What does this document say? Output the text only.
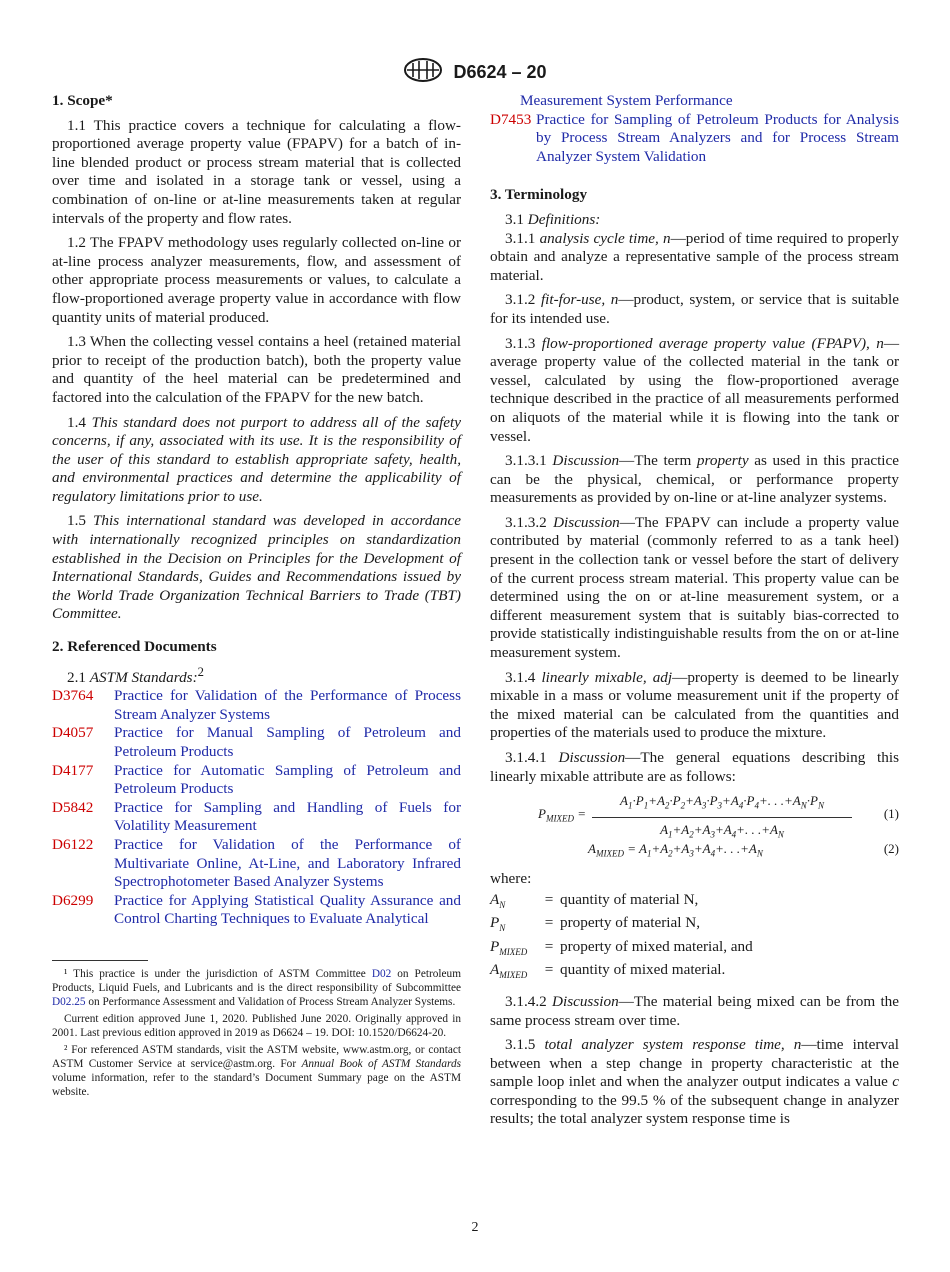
D6624 – 20
1. Scope*

1.1 This practice covers a technique for calculating a flow-proportioned average property value (FPAPV) for a batch of in-line blended product or process stream material that is collected over time and isolated in a storage tank or vessel, using a combination of on-line or at-line measurements taken at regular intervals of the property and flow rates.

1.2 The FPAPV methodology uses regularly collected on-line or at-line process analyzer measurements, flow, and assessment of other appropriate process measurements or values, to calculate a flow-proportioned average property value in accordance with flow quantity units of material produced.

1.3 When the collecting vessel contains a heel (retained material prior to receipt of the production batch), both the property value and quantity of the heel material can be predetermined and factored into the calculation of the FPAPV for the new batch.

1.4 This standard does not purport to address all of the safety concerns, if any, associated with its use. It is the responsibility of the user of this standard to establish appropriate safety, health, and environmental practices and determine the applicability of regulatory limitations prior to use.

1.5 This international standard was developed in accordance with internationally recognized principles on standardization established in the Decision on Principles for the Development of International Standards, Guides and Recommendations issued by the World Trade Organization Technical Barriers to Trade (TBT) Committee.

2. Referenced Documents

2.1 ASTM Standards:$^2$

D3764 Practice for Validation of the Performance of Process Stream Analyzer Systems
D4057 Practice for Manual Sampling of Petroleum and Petroleum Products
D4177 Practice for Automatic Sampling of Petroleum and Petroleum Products
D5842 Practice for Sampling and Handling of Fuels for Volatility Measurement
D6122 Practice for Validation of the Performance of Multivariate Online, At-Line, and Laboratory Infrared Spectrophotometer Based Analyzer Systems
D6299 Practice for Applying Statistical Quality Assurance and Control Charting Techniques to Evaluate Analytical

¹ This practice is under the jurisdiction of ASTM Committee D02 on Petroleum Products, Liquid Fuels, and Lubricants and is the direct responsibility of Subcommittee D02.25 on Performance Assessment and Validation of Process Stream Analyzer Systems.

Current edition approved June 1, 2020. Published June 2020. Originally approved in 2001. Last previous edition approved in 2019 as D6624 – 19. DOI: 10.1520/D6624-20.

² For referenced ASTM standards, visit the ASTM website, www.astm.org, or contact ASTM Customer Service at service@astm.org. For Annual Book of ASTM Standards volume information, refer to the standard’s Document Summary page on the ASTM website.

Measurement System Performance
D7453 Practice for Sampling of Petroleum Products for Analysis by Process Stream Analyzers and for Process Stream Analyzer System Validation
3. Terminology

3.1 Definitions:

3.1.1 analysis cycle time, n—period of time required to properly obtain and analyze a representative sample of the process stream material.

3.1.2 fit-for-use, n—product, system, or service that is suitable for its intended use.

3.1.3 flow-proportioned average property value (FPAPV), n—average property value of the collected material in the tank or vessel, calculated by using the flow-proportioned average technique described in the practice of all measurements performed on aliquots of the material while it is flowing into the tank or vessel.

3.1.3.1 Discussion—The term property as used in this practice can be the physical, chemical, or performance property measurements as provided by on-line or at-line analyzer systems.

3.1.3.2 Discussion—The FPAPV can include a property value contributed by material (commonly referred to as a tank heel) present in the collection tank or vessel before the start of delivery of the current process stream material. This property value can be determined using the on or at-line measurement system, or a different measurement system that is suitably bias-corrected to provide statistically indistinguishable results from the on or at-line measurement system.

3.1.4 linearly mixable, adj—property is deemed to be linearly mixable in a mass or volume measurement unit if the property of the mixed material can be calculated from the quantities and properties of the materials used to produce the mixture.

3.1.4.1 Discussion—The general equations describing this linearly mixable attribute are as follows:

$P_{MIXED} = \frac{A_1\cdot P_1+A_2\cdot P_2+A_3\cdot P_3+A_4\cdot P_4+. . .+A_N\cdot P_N}{A_1+A_2+A_3+A_4+. . .+A_N} (1)$
$A_{MIXED} = A_1+A_2+A_3+A_4+$. . $.+A_N$	(2)

where:

$A_N$	=	quantity of material N,
$P_N$	=	property of material N,
$P_{MIXED}$	=	property of mixed material, and
$A_{MIXED}$	=	quantity of mixed material.

3.1.4.2 Discussion—The material being mixed can be from the same process stream over time.

3.1.5 total analyzer system response time, n—time interval between when a step change in property characteristic at the sample loop inlet and when the analyzer output indicates a value c corresponding to the 99.5 % of the subsequent change in analyzer results; the total analyzer system response time is

2
